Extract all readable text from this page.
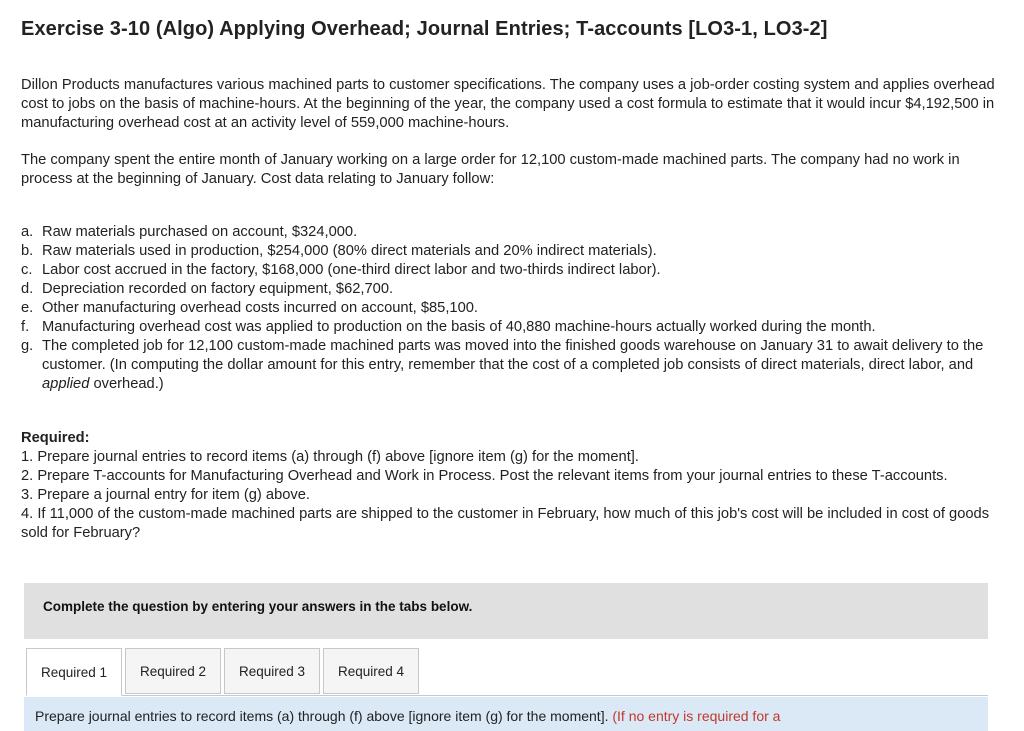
Exercise 3-10 (Algo) Applying Overhead; Journal Entries; T-accounts [LO3-1, LO3-2]

Dillon Products manufactures various machined parts to customer specifications. The company uses a job-order costing system and applies overhead cost to jobs on the basis of machine-hours. At the beginning of the year, the company used a cost formula to estimate that it would incur $4,192,500 in manufacturing overhead cost at an activity level of 559,000 machine-hours.

The company spent the entire month of January working on a large order for 12,100 custom-made machined parts. The company had no work in process at the beginning of January. Cost data relating to January follow:

a. Raw materials purchased on account, $324,000.
b. Raw materials used in production, $254,000 (80% direct materials and 20% indirect materials).
c. Labor cost accrued in the factory, $168,000 (one-third direct labor and two-thirds indirect labor).
d. Depreciation recorded on factory equipment, $62,700.
e. Other manufacturing overhead costs incurred on account, $85,100.
f. Manufacturing overhead cost was applied to production on the basis of 40,880 machine-hours actually worked during the month.
g. The completed job for 12,100 custom-made machined parts was moved into the finished goods warehouse on January 31 to await delivery to the customer. (In computing the dollar amount for this entry, remember that the cost of a completed job consists of direct materials, direct labor, and applied overhead.)
Required:
1. Prepare journal entries to record items (a) through (f) above [ignore item (g) for the moment].
2. Prepare T-accounts for Manufacturing Overhead and Work in Process. Post the relevant items from your journal entries to these T-accounts.
3. Prepare a journal entry for item (g) above.
4. If 11,000 of the custom-made machined parts are shipped to the customer in February, how much of this job's cost will be included in cost of goods sold for February?
Complete the question by entering your answers in the tabs below.
Required 1	Required 2	Required 3	Required 4
Prepare journal entries to record items (a) through (f) above [ignore item (g) for the moment]. (If no entry is required for a
